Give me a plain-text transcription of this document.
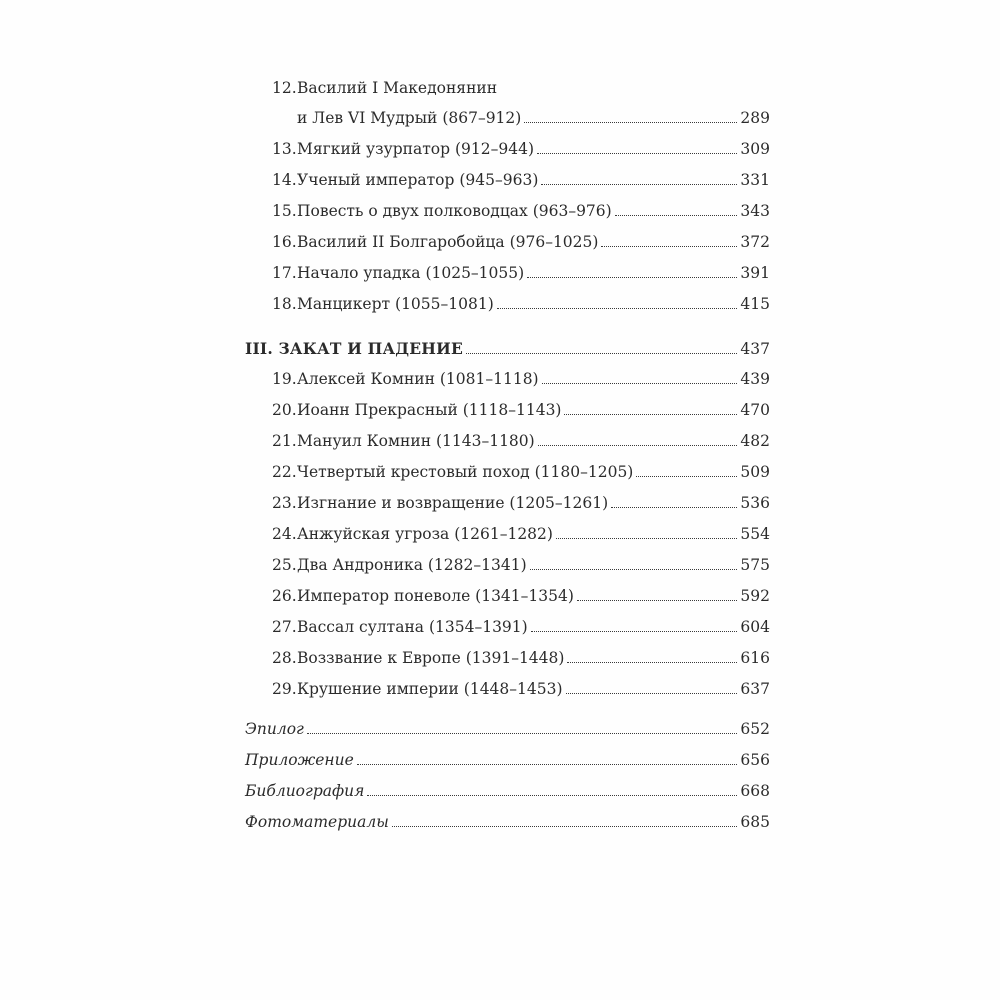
12. Василий I Македонянин
и Лев VI Мудрый (867–912)	289
13. Мягкий узурпатор (912–944)	309
14. Ученый император (945–963)	331
15. Повесть о двух полководцах (963–976)	343
16. Василий II Болгаробойца (976–1025)	372
17. Начало упадка (1025–1055)	391
18. Манцикерт (1055–1081)	415
III. ЗАКАТ И ПАДЕНИЕ	437
19. Алексей Комнин (1081–1118)	439
20. Иоанн Прекрасный (1118–1143)	470
21. Мануил Комнин (1143–1180)	482
22. Четвертый крестовый поход (1180–1205)	509
23. Изгнание и возвращение (1205–1261)	536
24. Анжуйская угроза (1261–1282)	554
25. Два Андроника (1282–1341)	575
26. Император поневоле (1341–1354)	592
27. Вассал султана (1354–1391)	604
28. Воззвание к Европе (1391–1448)	616
29. Крушение империи (1448–1453)	637
Эпилог	652
Приложение	656
Библиография	668
Фотоматериалы	685
